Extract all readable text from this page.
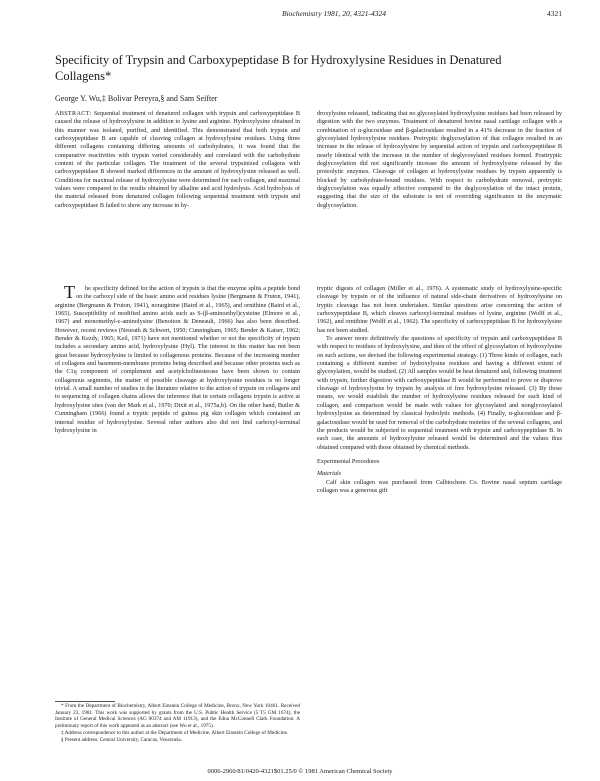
Biochemistry 1981, 20, 4321-4324	4321
Specificity of Trypsin and Carboxypeptidase B for Hydroxylysine Residues in Denatured Collagens*
George Y. Wu,‡ Bolivar Pereyra,§ and Sam Seifter

ABSTRACT: Sequential treatment of denatured collagen with trypsin and carboxypeptidase B caused the release of hydroxylysine in addition to lysine and arginine. Hydroxylysine obtained in this manner was isolated, purified, and identified. This demonstrated that both trypsin and carboxypeptidase B are capable of cleaving collagen at hydroxylysine residues. Using three different collagens containing differing amounts of carbohydrates, it was found that the comparative reactivities with trypsin varied considerably and correlated with the carbohydrate content of the particular collagen. The treatment of the several trypsinized collagens with carboxypeptidase B showed marked differences in the amount of hydroxylysine released as well. Conditions for maximal release of hydroxylysine were determined for each collagen, and maximal values were compared to the results obtained by alkaline and acid hydrolysis. Acid hydrolysis of the material released from denatured collagen following sequential treatment with trypsin and carboxypeptidase B failed to show any increase in hy-

droxylysine released, indicating that no glycosylated hydroxylysine residues had been released by digestion with the two enzymes. Treatment of denatured bovine nasal cartilage collagen with a combination of α-glucosidase and β-galactosidase resulted in a 41% decrease in the fraction of glycosylated hydroxylysine residues. Pretryptic deglycosylation of that collagen resulted in an increase in the release of hydroxylysine by sequential action of trypsin and carboxypeptidase B nearly identical with the increase in the number of deglycosylated residues formed. Posttryptic deglycosylation did not significantly increase the amount of hydroxylysine released by the proteolytic enzymes. Cleavage of collagen at hydroxylysine residues by trypsin apparently is blocked by carbohydrate-bound residues. With respect to carbohydrate removal, pretryptic deglycosylation was equally effective compared to the deglycosylation of the intact protein, suggesting that the size of the substrate is not of overriding significance in the enzymatic deglycosylation.

T he specificity defined for the action of trypsin is that the enzyme splits a peptide bond on the carboxyl side of the basic amino acid residues lysine (Bergmann & Fruton, 1941), arginine (Bergmann & Fruton, 1941), norarginine (Baird et al., 1965), and ornithine (Baird et al., 1965). Susceptibility of modified amino acids such as S-(β-aminoethyl)cysteine (Elmore et al., 1967) and monomethyl-ε-aminolysine (Benoiton & Deneault, 1966) has also been described. However, recent reviews (Neurath & Schwert, 1950; Cunningham, 1965; Bender & Kaiser, 1962; Bender & Kezdy, 1965; Keil, 1971) have not mentioned whether or not the specificity of trypsin includes a secondary amino acid, hydroxylysine (Hyl). The interest in this matter has not been great because hydroxylysine is limited to collagenous proteins. Because of the increasing number of collagens and basement-membrane proteins being described and because other proteins such as the C1q component of complement and acetylcholinesterase have been shown to contain collagenous segments, the matter of possible cleavage at hydroxylysine residues is no longer trivial. A small number of studies in the literature relative to the action of trypsin on collagens and to sequencing of collagen chains allows the inference that in certain collagens trypsin is active at hydroxylysine sites (van der Mark et al., 1970; Dixit et al., 1975a,b). On the other hand, Butler & Cunningham (1966) found a tryptic peptide of guinea pig skin collagen which contained an internal residue of hydroxylysine. Several other authors also did not find carboxyl-terminal hydroxylysine in

tryptic digests of collagen (Miller et al., 1976). A systematic study of hydroxylysine-specific cleavage by trypsin or of the influence of natural side-chain derivatives of hydroxylysine on tryptic cleavage has not been undertaken. Similar questions arise concerning the action of carboxypeptidase B, which cleaves carboxyl-terminal residues of lysine, arginine (Wolff et al., 1962), and ornithine (Wolff et al., 1962). The specificity of carboxypeptidase B for hydroxylysine has not been studied.

To answer more definitively the questions of specificity of trypsin and carboxypeptidase B with respect to residues of hydroxylysine, and then of the effect of glycosylation of hydroxylysine on such actions, we devised the following experimental strategy. (1) Three kinds of collagen, each containing a different number of hydroxylysine residues and having a different extent of glycosylation, would be studied. (2) All samples would be heat denatured and, following treatment with trypsin, further digestion with carboxypeptidase B would be performed to prove or disprove cleavage of hydroxylysine by trypsin by analysis of free hydroxylysine released. (3) By those means, we would establish the number of hydroxylysine residues released for each kind of collagen, and comparison would be made with values for glycosylated and nonglycosylated hydroxylysine as determined by classical hydrolytic methods. (4) Finally, α-glucosidase and β-galactosidase would be used for removal of the carbohydrate moieties of the several collagens, and the products would be subjected to sequential treatment with trypsin and carboxypeptidase B. In each case, the amounts of hydroxylysine released would be determined and the values thus obtained compared with those obtained by chemical methods.

Experimental Procedures

Materials

Calf skin collagen was purchased from Calbiochem Co. Bovine nasal septum cartilage collagen was a generous gift

* From the Department of Biochemistry, Albert Einstein College of Medicine, Bronx, New York 10461. Received January 23, 1981. This work was supported by grants from the U.S. Public Health Service (5 T5 GM 1674), the Institute of General Medical Sciences (AG 00374 and AM 11913), and the Edna McConnell Clark Foundation. A preliminary report of this work appeared as an abstract (see Wu et al., 1975).

‡ Address correspondence to this author at the Department of Medicine, Albert Einstein College of Medicine.

§ Present address: Central University, Caracas, Venezuela.

0006-2960/81/0420-4321$01.25/0 © 1981 American Chemical Society
